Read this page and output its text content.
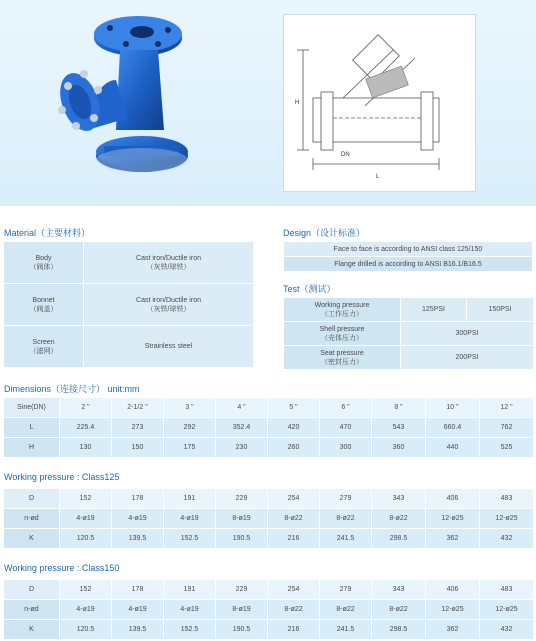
L
H
DN
Material（主要材料）
Body
（阀体）	Cast iron/Ductile iron
（灰铁/球铁）

Bonnet
（阀盖）	Cast iron/Ductile iron
（灰铁/球铁）

Screen
（滤网）	Strainless steel
Design（设计标准）
Face to face is according to ANSI class 125/150
Flange drilled is according to ANSI B16.1/B16.5
Test（测试）
Working pressure
（工作压力）	125PSI	150PSI

Shell pressure
（壳体压力）	300PSI	

Seat pressure
（密封压力）	200PSI	
Dimensions（连接尺寸） unit:mm
Sine(DN)	2 "	2-1/2 "	3 "	4 "	5 "	6 "	8 "	10 "	12 "
L	225.4	273	292	352.4	420	470	543	660.4	762
H	130	150	175	230	260	300	360	440	525
Working pressure : Class125
D	152	178	191	229	254	279	343	406	483
n-ød	4-ø19	4-ø19	4-ø19	8-ø19	8-ø22	8-ø22	8-ø22	12-ø25	12-ø25
K	120.5	139.5	152.5	190.5	216	241.5	298.5	362	432
Working pressure : Class150
D	152	178	191	229	254	279	343	406	483
n-ød	4-ø19	4-ø19	4-ø19	8-ø19	8-ø22	8-ø22	8-ø22	12-ø25	12-ø25
K	120.5	139.5	152.5	190.5	216	241.5	298.5	362	432
